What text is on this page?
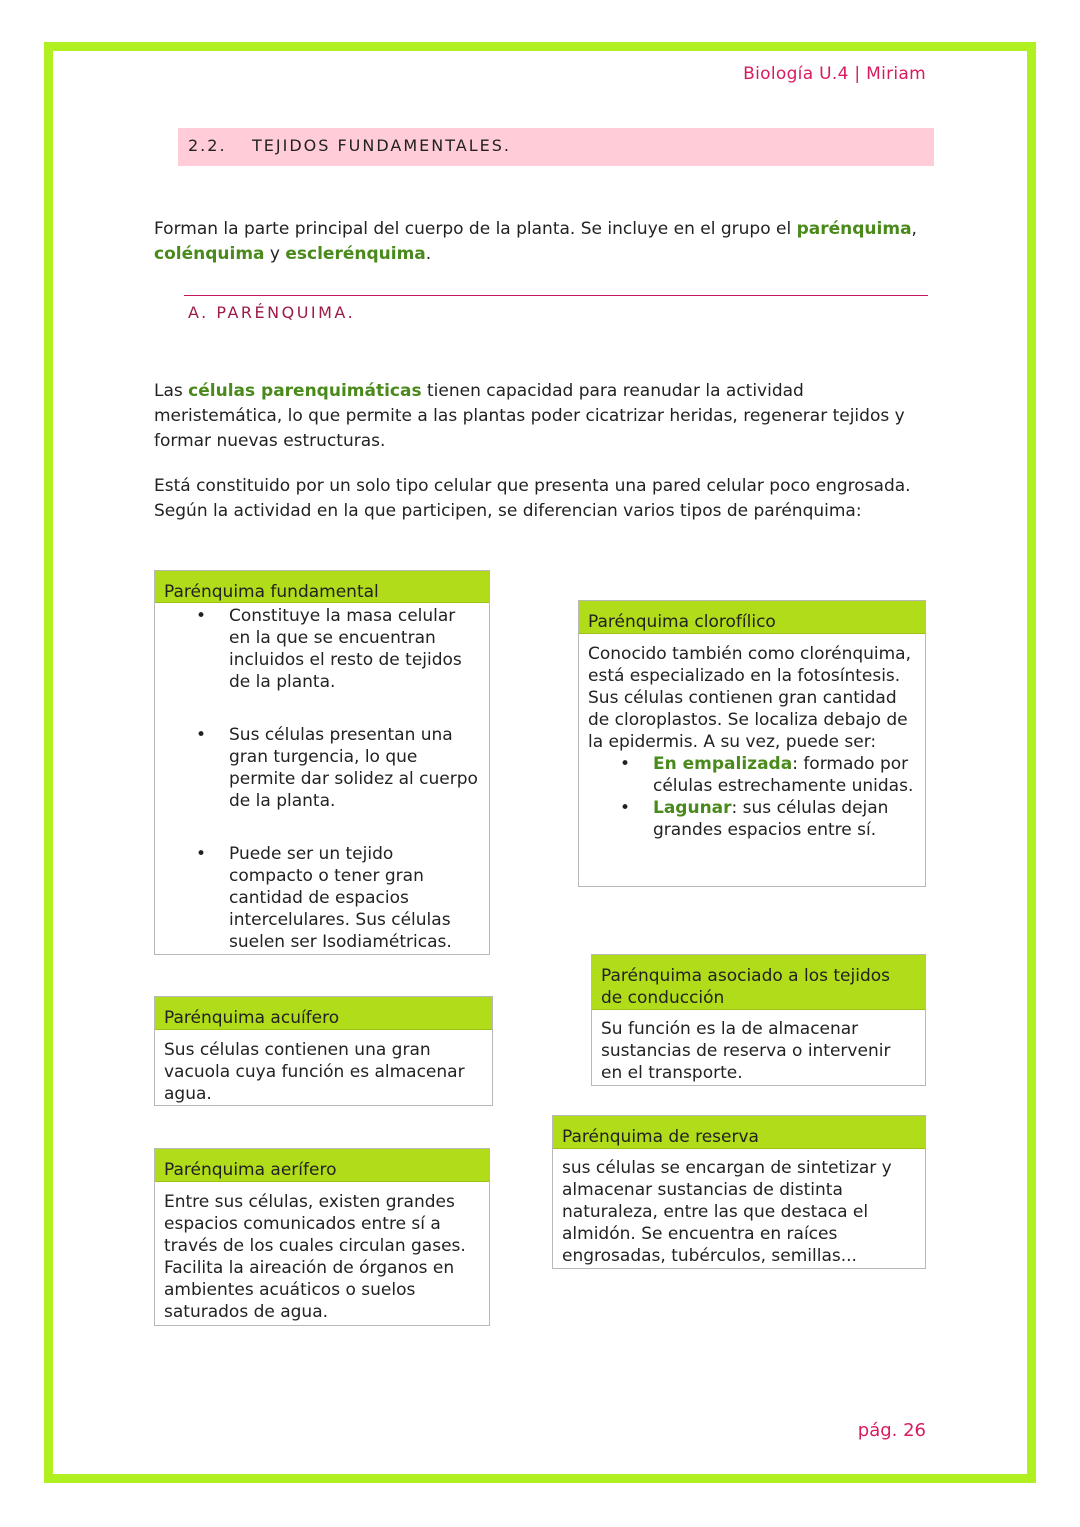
Biología U.4 | Miriam
2.2. TEJIDOS FUNDAMENTALES.
Forman la parte principal del cuerpo de la planta. Se incluye en el grupo el parénquima, colénquima y esclerénquima.
A. PARÉNQUIMA.
Las células parenquimáticas tienen capacidad para reanudar la actividad meristemática, lo que permite a las plantas poder cicatrizar heridas, regenerar tejidos y formar nuevas estructuras.
Está constituido por un solo tipo celular que presenta una pared celular poco engrosada. Según la actividad en la que participen, se diferencian varios tipos de parénquima:
Parénquima fundamental
• Constituye la masa celular en la que se encuentran incluidos el resto de tejidos de la planta.
• Sus células presentan una gran turgencia, lo que permite dar solidez al cuerpo de la planta.
• Puede ser un tejido compacto o tener gran cantidad de espacios intercelulares. Sus células suelen ser Isodiamétricas.
Parénquima clorofílico
Conocido también como clorénquima, está especializado en la fotosíntesis. Sus células contienen gran cantidad de cloroplastos. Se localiza debajo de la epidermis. A su vez, puede ser:
• En empalizada: formado por células estrechamente unidas.
• Lagunar: sus células dejan grandes espacios entre sí.
Parénquima asociado a los tejidos de conducción
Su función es la de almacenar sustancias de reserva o intervenir en el transporte.
Parénquima acuífero
Sus células contienen una gran vacuola cuya función es almacenar agua.
Parénquima de reserva
sus células se encargan de sintetizar y almacenar sustancias de distinta naturaleza, entre las que destaca el almidón. Se encuentra en raíces engrosadas, tubérculos, semillas...
Parénquima aerífero
Entre sus células, existen grandes espacios comunicados entre sí a través de los cuales circulan gases. Facilita la aireación de órganos en ambientes acuáticos o suelos saturados de agua.
pág. 26
